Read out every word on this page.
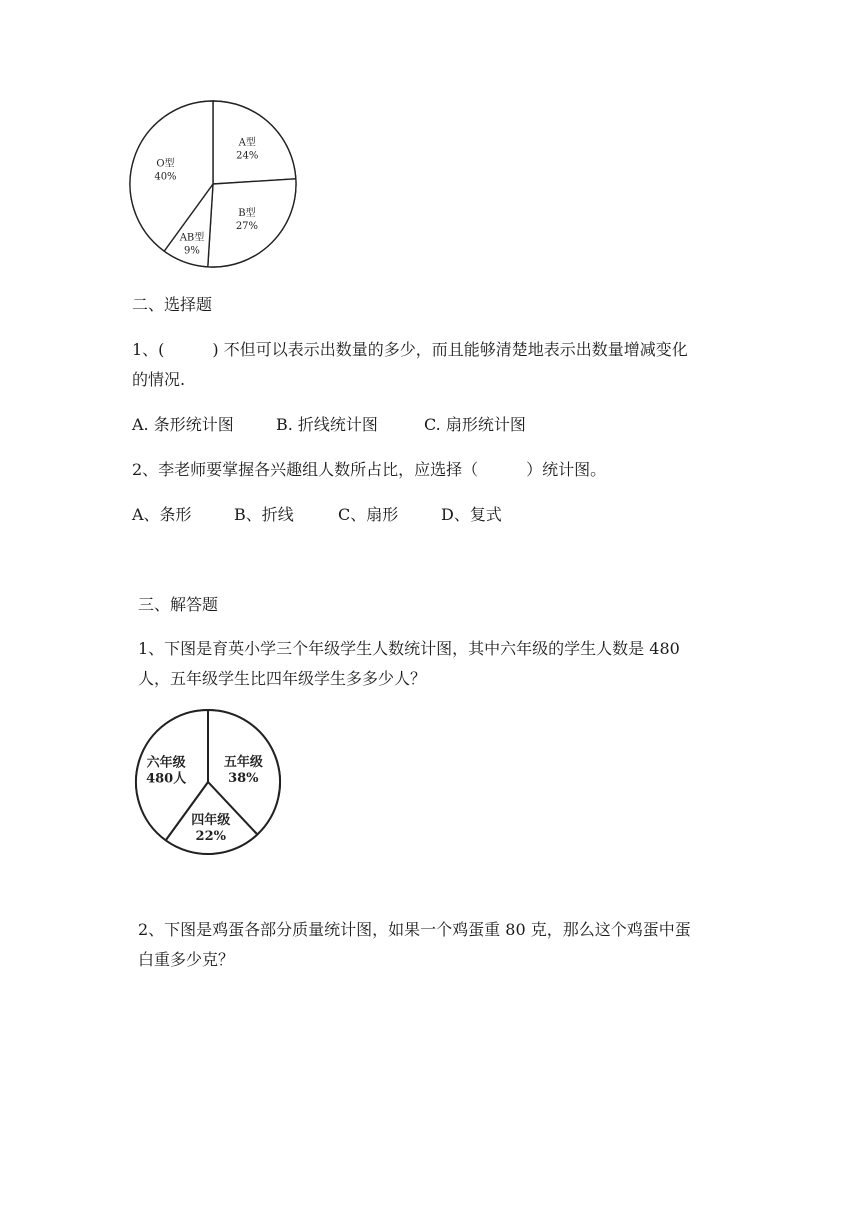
A型
24%
B型
27%
AB型
9%
O型
40%
二、选择题
1、(　　　) 不但可以表示出数量的多少，而且能够清楚地表示出数量增减变化
的情况.
A. 条形统计图	B. 折线统计图	C. 扇形统计图
2、李老师要掌握各兴趣组人数所占比，应选择（　　　）统计图。
A、条形	B、折线	C、扇形	D、复式
三、解答题
1、下图是育英小学三个年级学生人数统计图，其中六年级的学生人数是 480
人，五年级学生比四年级学生多多少人？
五年级
38%
四年级
22%
六年级
480人
2、下图是鸡蛋各部分质量统计图，如果一个鸡蛋重 80 克，那么这个鸡蛋中蛋
白重多少克？
